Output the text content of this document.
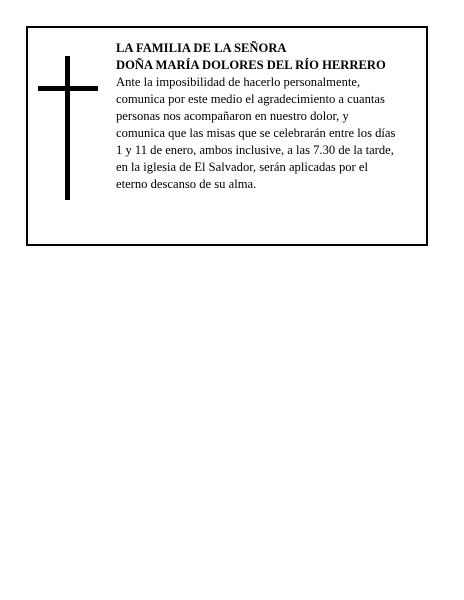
LA FAMILIA DE LA SEÑORA
DOÑA MARÍA DOLORES DEL RÍO HERRERO
Ante la imposibilidad de hacerlo personalmente,
comunica por este medio el agradecimiento a cuantas
personas nos acompañaron en nuestro dolor, y
comunica que las misas que se celebrarán entre los días
1 y 11 de enero, ambos inclusive, a las 7.30 de la tarde,
en la iglesia de El Salvador, serán aplicadas por el
eterno descanso de su alma.
